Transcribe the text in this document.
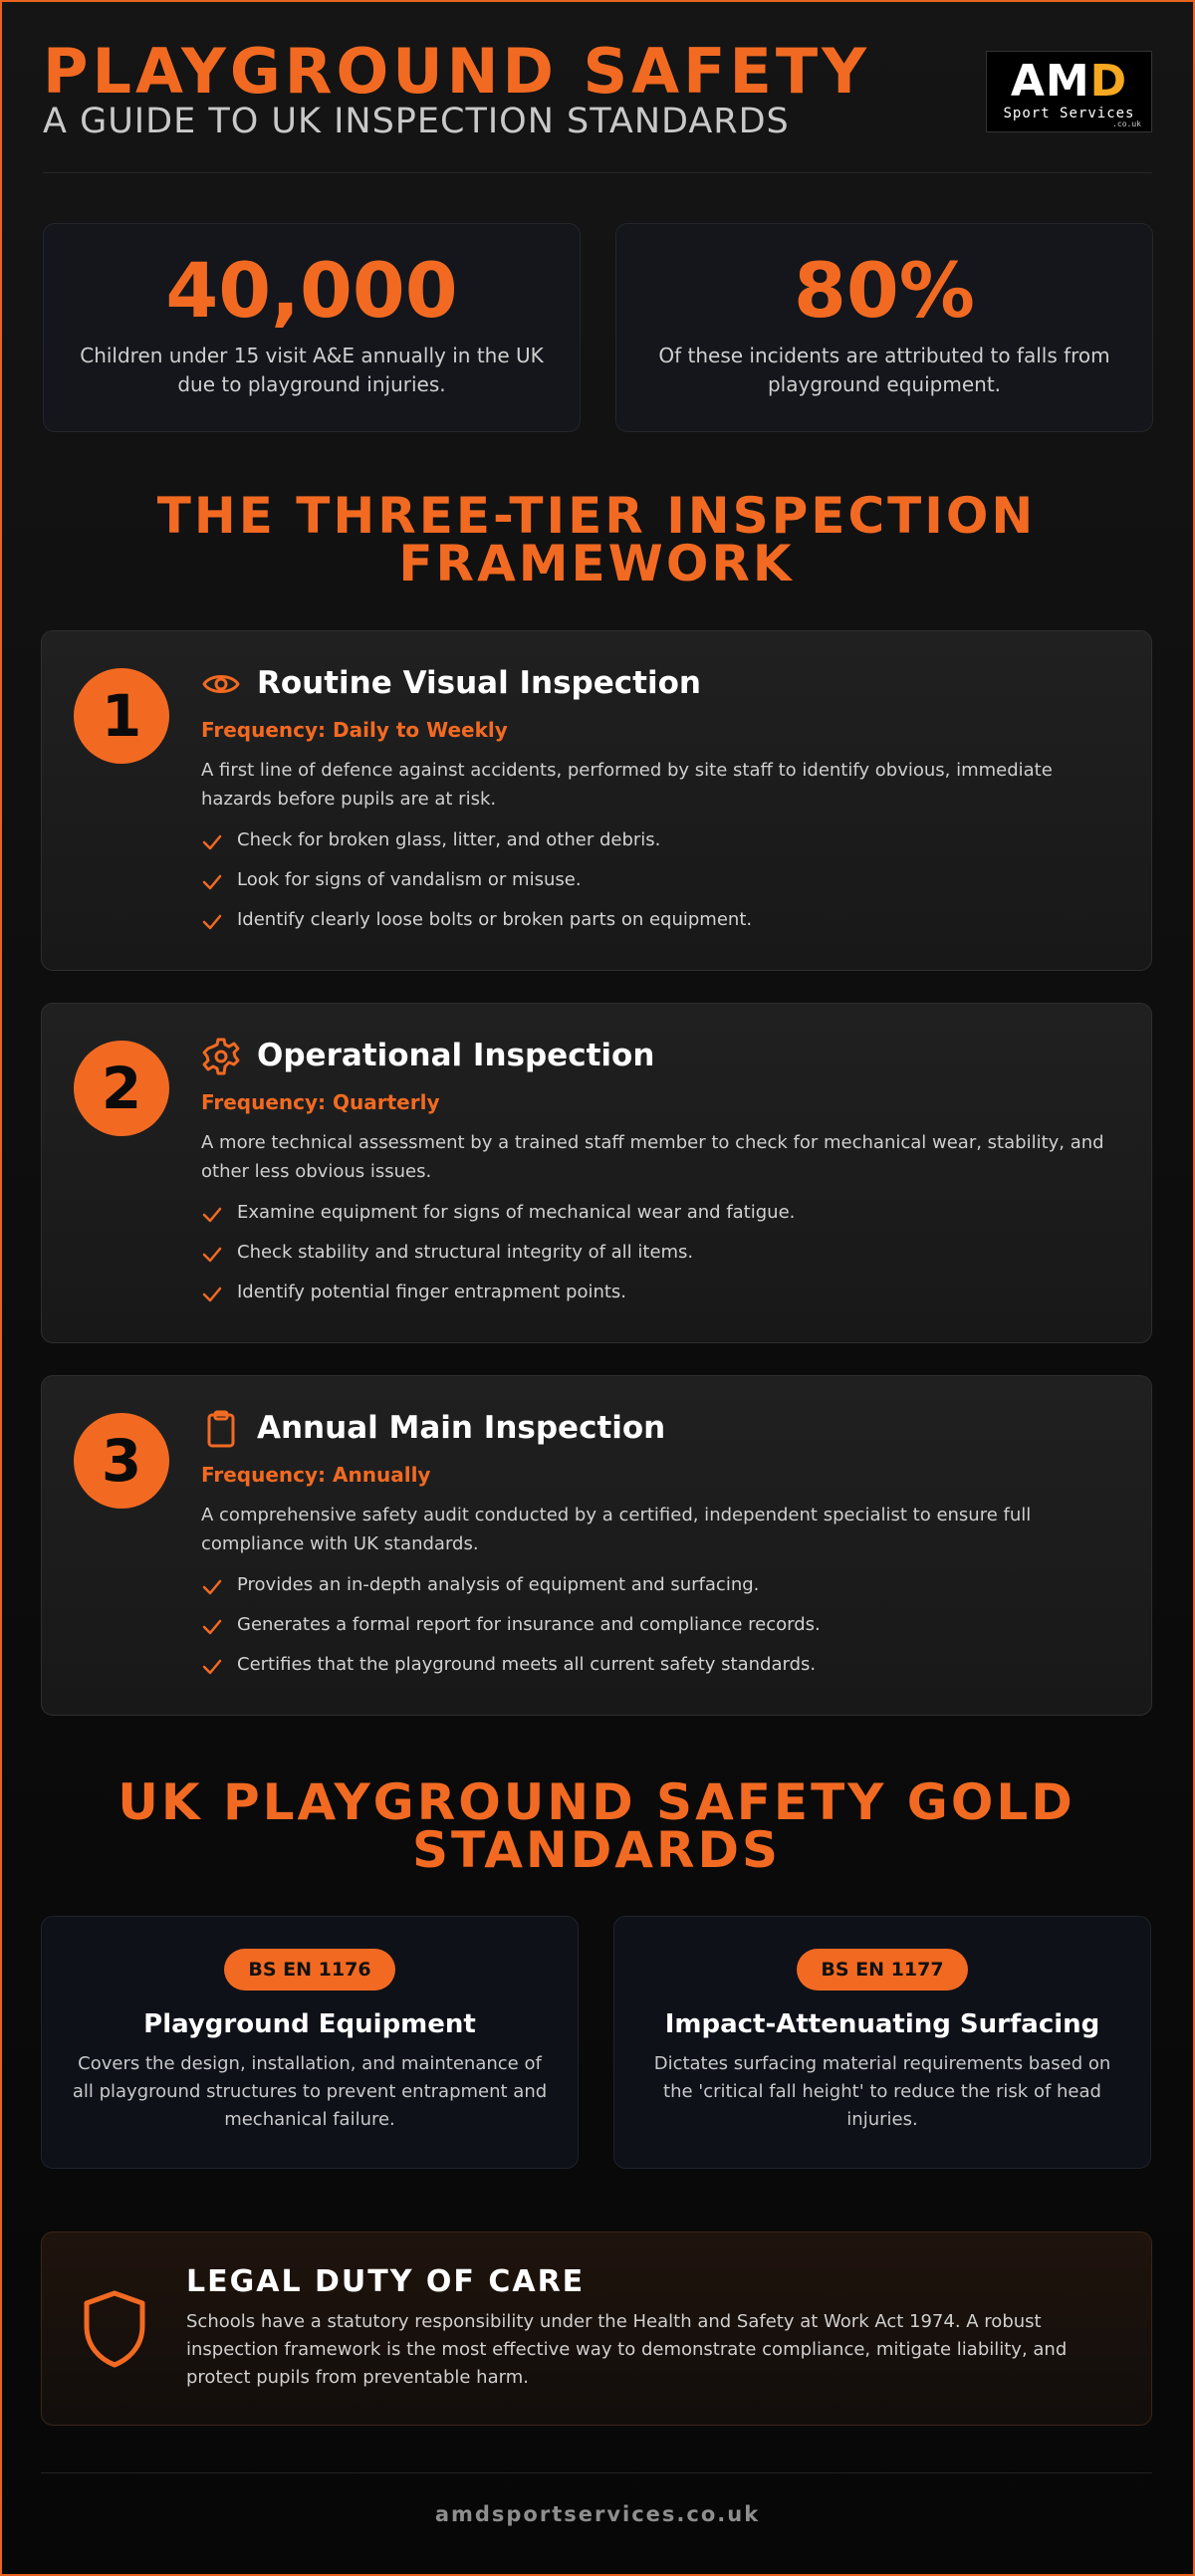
PLAYGROUND SAFETY
A GUIDE TO UK INSPECTION STANDARDS
AMD
Sport Services
.co.uk
40,000
Children under 15 visit A&E annually in the UK due to playground injuries.
80%
Of these incidents are attributed to falls from playground equipment.
THE THREE-TIER INSPECTION
FRAMEWORK
1	Routine Visual Inspection
Frequency: Daily to Weekly
A first line of defence against accidents, performed by site staff to identify obvious, immediate hazards before pupils are at risk.
Check for broken glass, litter, and other debris.
Look for signs of vandalism or misuse.
Identify clearly loose bolts or broken parts on equipment.
2	Operational Inspection
Frequency: Quarterly
A more technical assessment by a trained staff member to check for mechanical wear, stability, and other less obvious issues.
Examine equipment for signs of mechanical wear and fatigue.
Check stability and structural integrity of all items.
Identify potential finger entrapment points.
3	Annual Main Inspection
Frequency: Annually
A comprehensive safety audit conducted by a certified, independent specialist to ensure full compliance with UK standards.
Provides an in-depth analysis of equipment and surfacing.
Generates a formal report for insurance and compliance records.
Certifies that the playground meets all current safety standards.
UK PLAYGROUND SAFETY GOLD
STANDARDS
BS EN 1176
Playground Equipment
Covers the design, installation, and maintenance of all playground structures to prevent entrapment and mechanical failure.
BS EN 1177
Impact-Attenuating Surfacing
Dictates surfacing material requirements based on the 'critical fall height' to reduce the risk of head injuries.
LEGAL DUTY OF CARE
Schools have a statutory responsibility under the Health and Safety at Work Act 1974. A robust inspection framework is the most effective way to demonstrate compliance, mitigate liability, and protect pupils from preventable harm.
amdsportservices.co.uk
